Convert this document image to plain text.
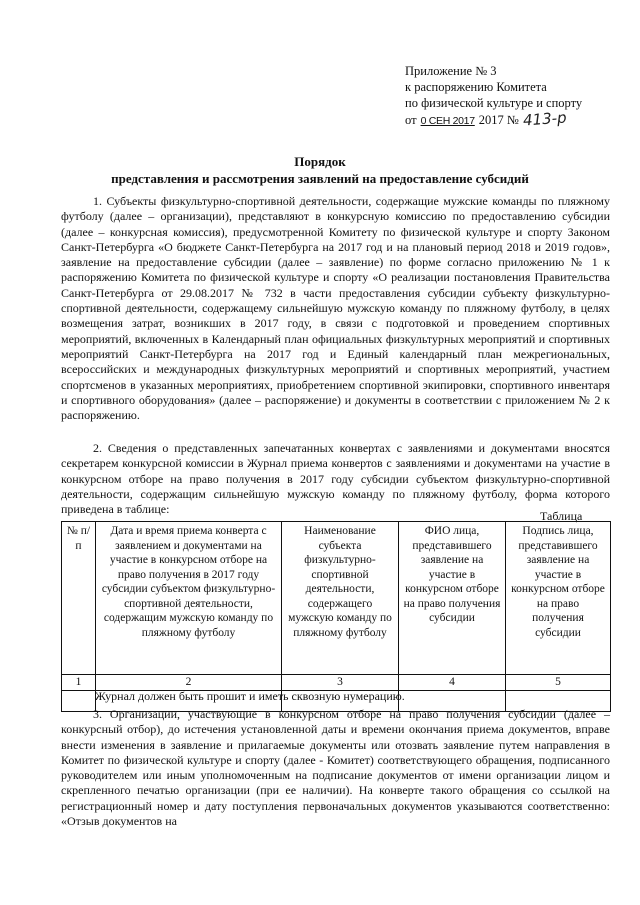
Приложение № 3
к распоряжению Комитета
по физической культуре и спорту
от 0 СЕН 2017 2017 № 413-р
Порядок
представления и рассмотрения заявлений на предоставление субсидий

1. Субъекты физкультурно-спортивной деятельности, содержащие мужские команды по пляжному футболу (далее – организации), представляют в конкурсную комиссию по предоставлению субсидии (далее – конкурсная комиссия), предусмотренной Комитету по физической культуре и спорту Законом Санкт-Петербурга «О бюджете Санкт-Петербурга на 2017 год и на плановый период 2018 и 2019 годов», заявление на предоставление субсидии (далее – заявление) по форме согласно приложению № 1 к распоряжению Комитета по физической культуре и спорту «О реализации постановления Правительства Санкт-Петербурга от 29.08.2017 № 732 в части предоставления субсидии субъекту физкультурно-спортивной деятельности, содержащему сильнейшую мужскую команду по пляжному футболу, в целях возмещения затрат, возникших в 2017 году, в связи с подготовкой и проведением спортивных мероприятий, включенных в Календарный план официальных физкультурных мероприятий и спортивных мероприятий Санкт-Петербурга на 2017 год и Единый календарный план межрегиональных, всероссийских и международных физкультурных мероприятий и спортивных мероприятий, участием спортсменов в указанных мероприятиях, приобретением спортивной экипировки, спортивного инвентаря и спортивного оборудования» (далее – распоряжение) и документы в соответствии с приложением № 2 к распоряжению.

2. Сведения о представленных запечатанных конвертах с заявлениями и документами вносятся секретарем конкурсной комиссии в Журнал приема конвертов с заявлениями и документами на участие в конкурсном отборе на право получения в 2017 году субсидии субъектом физкультурно-спортивной деятельности, содержащим сильнейшую мужскую команду по пляжному футболу, форма которого приведена в таблице:	Таблица
№ п/п	Дата и время приема конверта с заявлением и документами на участие в конкурсном отборе на право получения в 2017 году субсидии субъектом физкультурно-спортивной деятельности, содержащим мужскую команду по пляжному футболу	Наименование субъекта физкультурно-спортивной деятельности, содержащего мужскую команду по пляжному футболу	ФИО лица, представившего заявление на участие в конкурсном отборе на право получения субсидии	Подпись лица, представившего заявление на участие в конкурсном отборе на право получения субсидии
1	2	3	4	5

Журнал должен быть прошит и иметь сквозную нумерацию.

3. Организации, участвующие в конкурсном отборе на право получения субсидии (далее – конкурсный отбор), до истечения установленной даты и времени окончания приема документов, вправе внести изменения в заявление и прилагаемые документы или отозвать заявление путем направления в Комитет по физической культуре и спорту (далее - Комитет) соответствующего обращения, подписанного руководителем или иным уполномоченным на подписание документов от имени организации лицом и скрепленного печатью организации (при ее наличии). На конверте такого обращения со ссылкой на регистрационный номер и дату поступления первоначальных документов указываются соответственно: «Отзыв документов на
